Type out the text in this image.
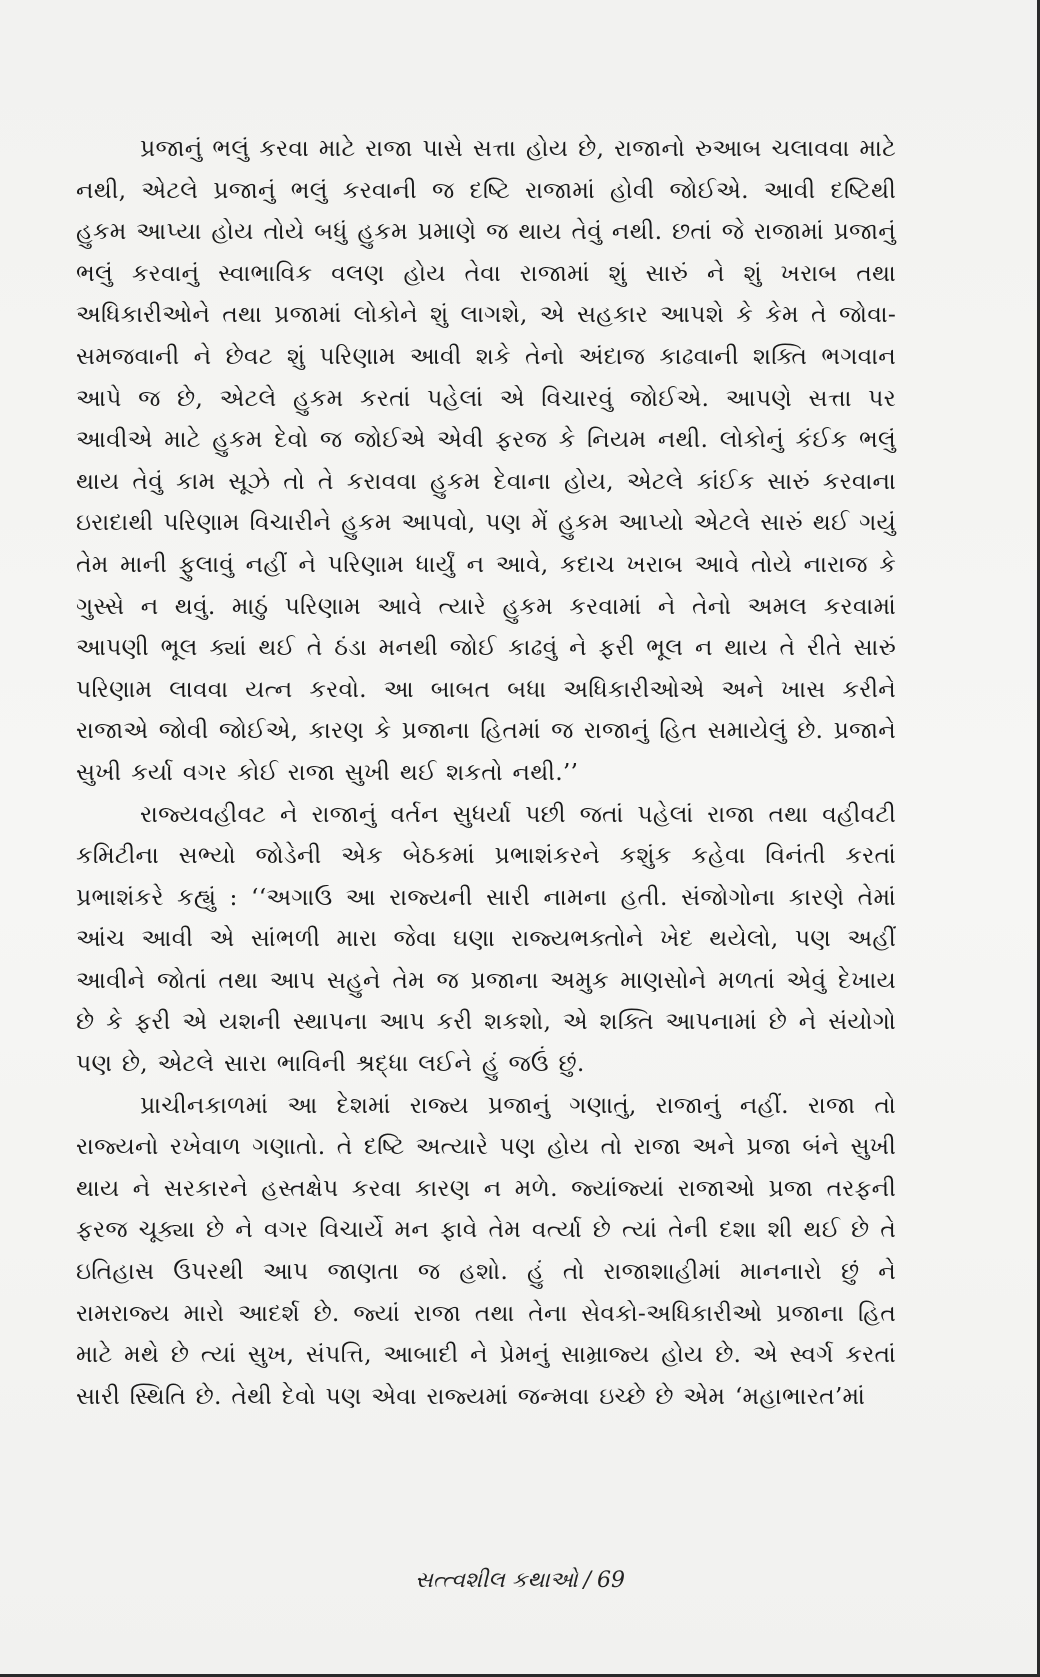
પ્રજાનું ભલું કરવા માટે રાજા પાસે સત્તા હોય છે, રાજાનો રુઆબ ચલાવવા માટે નથી, એટલે પ્રજાનું ભલું કરવાની જ દષ્ટિ રાજામાં હોવી જોઈએ. આવી દષ્ટિથી હુકમ આપ્યા હોય તોયે બધું હુકમ પ્રમાણે જ થાય તેવું નથી. છતાં જે રાજામાં પ્રજાનું ભલું કરવાનું સ્વાભાવિક વલણ હોય તેવા રાજામાં શું સારું ને શું ખરાબ તથા અધિકારીઓને તથા પ્રજામાં લોકોને શું લાગશે, એ સહકાર આપશે કે કેમ તે જોવા-સમજવાની ને છેવટ શું પરિણામ આવી શકે તેનો અંદાજ કાઢવાની શક્તિ ભગવાન આપે જ છે, એટલે હુકમ કરતાં પહેલાં એ વિચારવું જોઈએ. આપણે સત્તા પર આવીએ માટે હુકમ દેવો જ જોઈએ એવી ફરજ કે નિયમ નથી. લોકોનું કંઈક ભલું થાય તેવું કામ સૂઝે તો તે કરાવવા હુકમ દેવાના હોય, એટલે કાંઈક સારું કરવાના ઇરાદાથી પરિણામ વિચારીને હુકમ આપવો, પણ મેં હુકમ આપ્યો એટલે સારું થઈ ગયું તેમ માની ફુલાવું નહીં ને પરિણામ ધાર્યું ન આવે, કદાચ ખરાબ આવે તોયે નારાજ કે ગુસ્સે ન થવું. માઠું પરિણામ આવે ત્યારે હુકમ કરવામાં ને તેનો અમલ કરવામાં આપણી ભૂલ ક્યાં થઈ તે ઠંડા મનથી જોઈ કાઢવું ને ફરી ભૂલ ન થાય તે રીતે સારું પરિણામ લાવવા યત્ન કરવો. આ બાબત બધા અધિકારીઓએ અને ખાસ કરીને રાજાએ જોવી જોઈએ, કારણ કે પ્રજાના હિતમાં જ રાજાનું હિત સમાયેલું છે. પ્રજાને સુખી કર્યા વગર કોઈ રાજા સુખી થઈ શકતો નથી.’’

રાજ્યવહીવટ ને રાજાનું વર્તન સુધર્યા પછી જતાં પહેલાં રાજા તથા વહીવટી કમિટીના સભ્યો જોડેની એક બેઠકમાં પ્રભાશંકરને કશુંક કહેવા વિનંતી કરતાં પ્રભાશંકરે કહ્યું : ‘‘અગાઉ આ રાજ્યની સારી નામના હતી. સંજોગોના કારણે તેમાં આંચ આવી એ સાંભળી મારા જેવા ઘણા રાજ્યભક્તોને ખેદ થયેલો, પણ અહીં આવીને જોતાં તથા આપ સહુને તેમ જ પ્રજાના અમુક માણસોને મળતાં એવું દેખાય છે કે ફરી એ યશની સ્થાપના આપ કરી શકશો, એ શક્તિ આપનામાં છે ને સંયોગો પણ છે, એટલે સારા ભાવિની શ્રદ્ધા લઈને હું જઉં છું.

પ્રાચીનકાળમાં આ દેશમાં રાજ્ય પ્રજાનું ગણાતું, રાજાનું નહીં. રાજા તો રાજ્યનો રખેવાળ ગણાતો. તે દષ્ટિ અત્યારે પણ હોય તો રાજા અને પ્રજા બંને સુખી થાય ને સરકારને હસ્તક્ષેપ કરવા કારણ ન મળે. જ્યાંજ્યાં રાજાઓ પ્રજા તરફની ફરજ ચૂક્યા છે ને વગર વિચાર્યે મન ફાવે તેમ વર્ત્યા છે ત્યાં તેની દશા શી થઈ છે તે ઇતિહાસ ઉપરથી આપ જાણતા જ હશો. હું તો રાજાશાહીમાં માનનારો છું ને રામરાજ્ય મારો આદર્શ છે. જ્યાં રાજા તથા તેના સેવકો-અધિકારીઓ પ્રજાના હિત માટે મથે છે ત્યાં સુખ, સંપત્તિ, આબાદી ને પ્રેમનું સામ્રાજ્ય હોય છે. એ સ્વર્ગ કરતાં સારી સ્થિતિ છે. તેથી દેવો પણ એવા રાજ્યમાં જન્મવા ઇચ્છે છે એમ ‘મહાભારત’માં

સત્ત્વશીલ કથાઓ / 69
